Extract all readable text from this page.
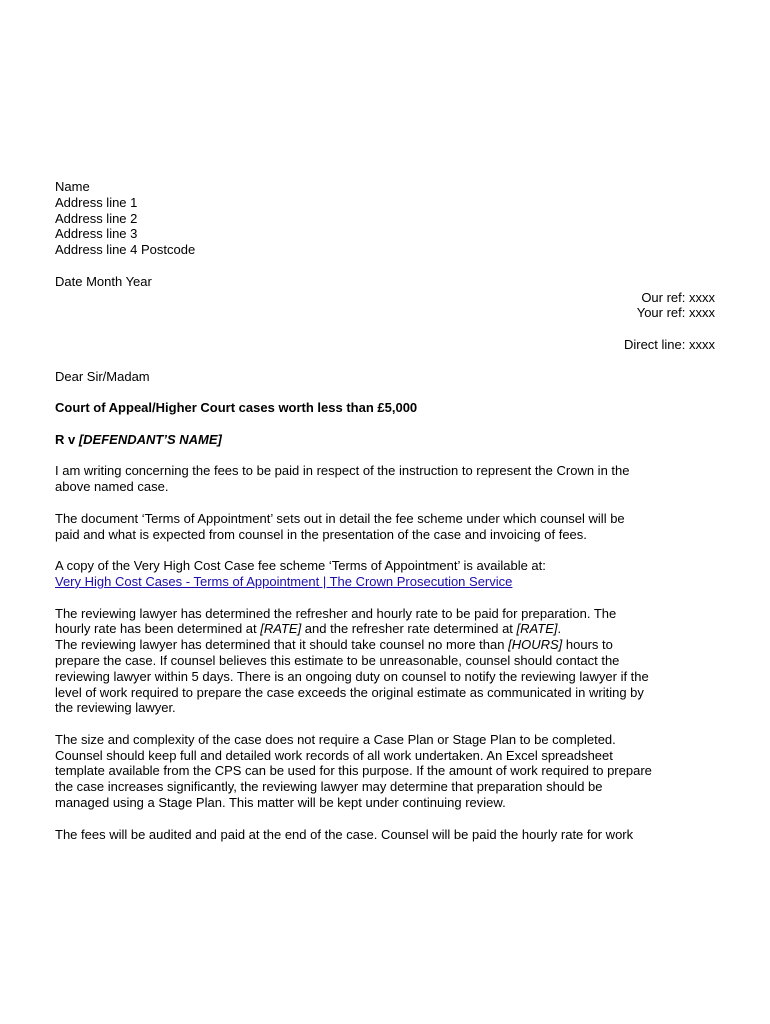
Name
Address line 1
Address line 2
Address line 3
Address line 4 Postcode
Date Month Year
Our ref: xxxx
Your ref: xxxx
Direct line: xxxx
Dear Sir/Madam
Court of Appeal/Higher Court cases worth less than £5,000
R v [DEFENDANT’S NAME]
I am writing concerning the fees to be paid in respect of the instruction to represent the Crown in the
above named case.
The document ‘Terms of Appointment’ sets out in detail the fee scheme under which counsel will be
paid and what is expected from counsel in the presentation of the case and invoicing of fees.
A copy of the Very High Cost Case fee scheme ‘Terms of Appointment’ is available at:
Very High Cost Cases - Terms of Appointment | The Crown Prosecution Service
The reviewing lawyer has determined the refresher and hourly rate to be paid for preparation. The
hourly rate has been determined at [RATE] and the refresher rate determined at [RATE].
The reviewing lawyer has determined that it should take counsel no more than [HOURS] hours to
prepare the case. If counsel believes this estimate to be unreasonable, counsel should contact the
reviewing lawyer within 5 days. There is an ongoing duty on counsel to notify the reviewing lawyer if the
level of work required to prepare the case exceeds the original estimate as communicated in writing by
the reviewing lawyer.
The size and complexity of the case does not require a Case Plan or Stage Plan to be completed.
Counsel should keep full and detailed work records of all work undertaken. An Excel spreadsheet
template available from the CPS can be used for this purpose. If the amount of work required to prepare
the case increases significantly, the reviewing lawyer may determine that preparation should be
managed using a Stage Plan. This matter will be kept under continuing review.
The fees will be audited and paid at the end of the case. Counsel will be paid the hourly rate for work
